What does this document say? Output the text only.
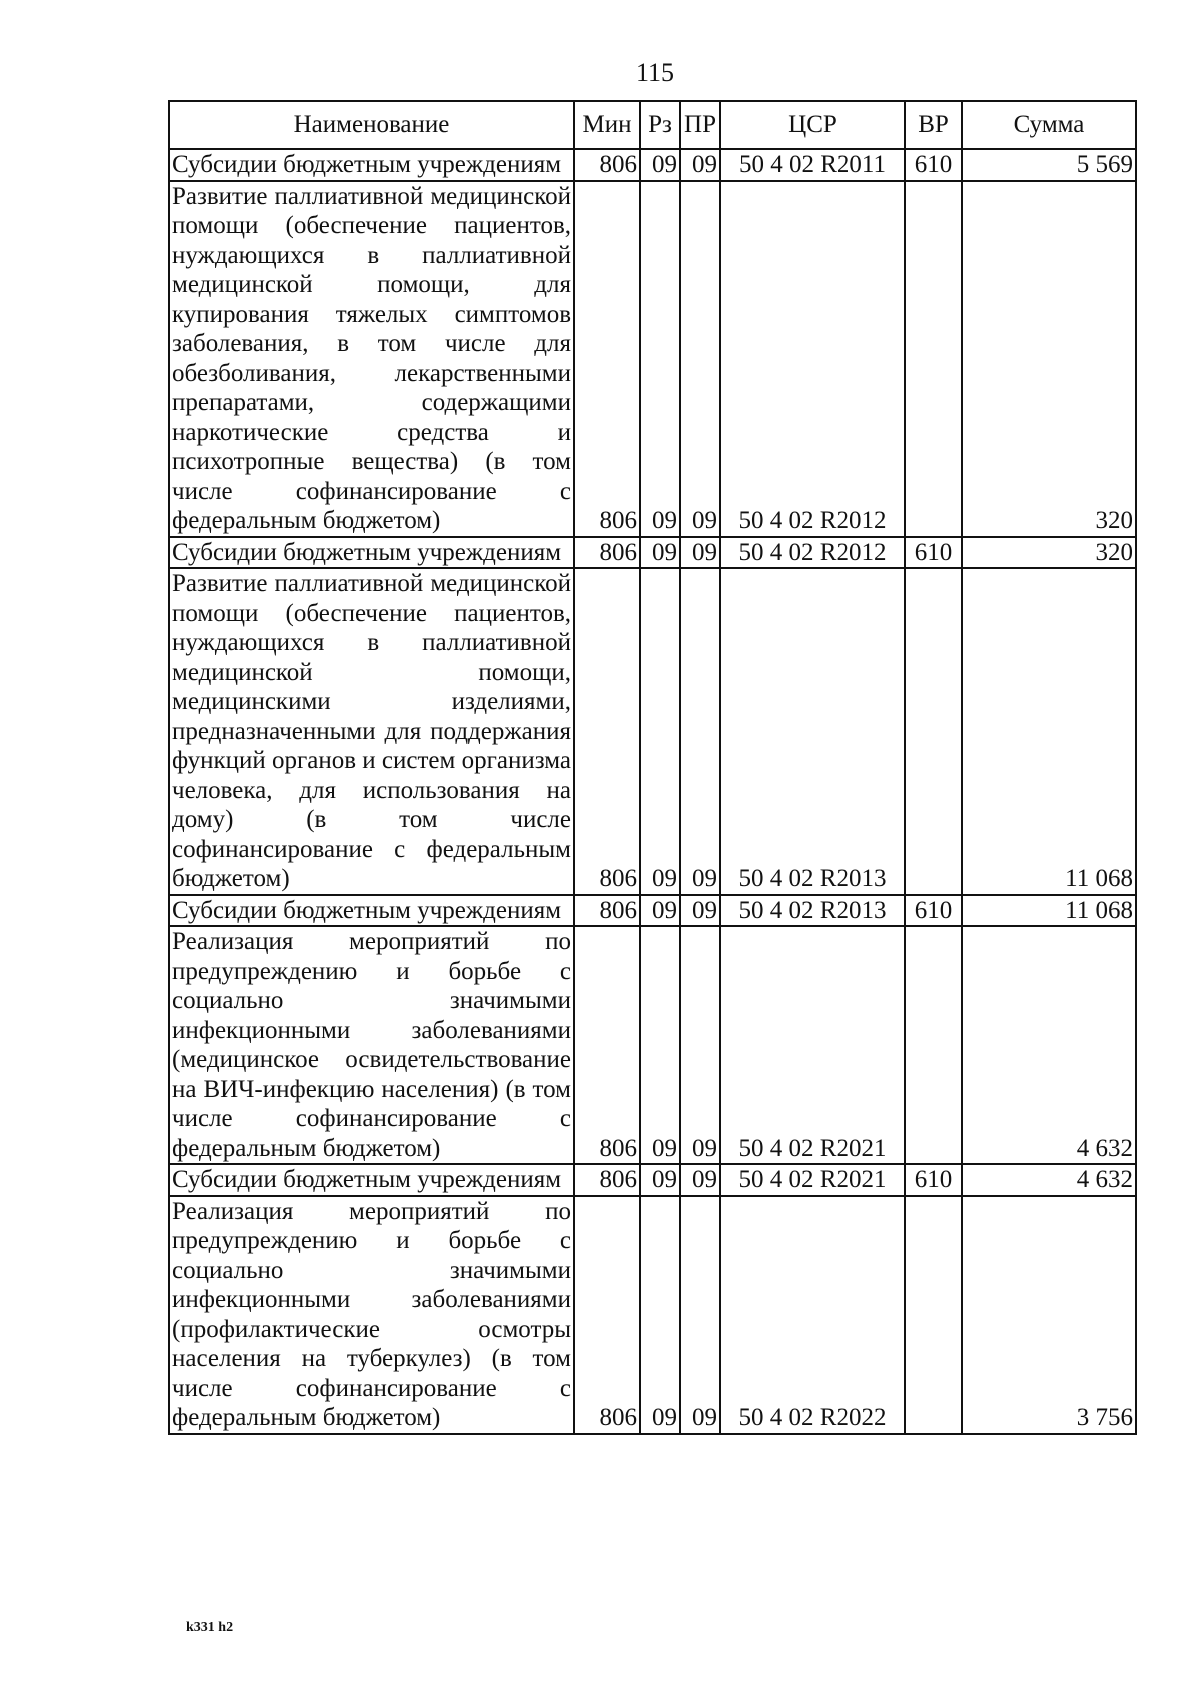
115
Наименование	Мин	Рз	ПР	ЦСР	ВР	Сумма
Субсидии бюджетным учреждениям	806	09	09	50 4 02 R2011	610	5 569
Развитие паллиативной медицинской помощи (обеспечение пациентов, нуждающихся в паллиативной медицинской помощи, для купирования тяжелых симптомов заболевания, в том числе для обезболивания, лекарственными препаратами, содержащими наркотические средства и психотропные вещества) (в том числе софинансирование с федеральным бюджетом)	806	09	09	50 4 02 R2012		320
Субсидии бюджетным учреждениям	806	09	09	50 4 02 R2012	610	320
Развитие паллиативной медицинской помощи (обеспечение пациентов, нуждающихся в паллиативной медицинской помощи, медицинскими изделиями, предназначенными для поддержания функций органов и систем организма человека, для использования на дому) (в том числе софинансирование с федеральным бюджетом)	806	09	09	50 4 02 R2013		11 068
Субсидии бюджетным учреждениям	806	09	09	50 4 02 R2013	610	11 068
Реализация мероприятий по предупреждению и борьбе с социально значимыми инфекционными заболеваниями (медицинское освидетельствование на ВИЧ-инфекцию населения) (в том числе софинансирование с федеральным бюджетом)	806	09	09	50 4 02 R2021		4 632
Субсидии бюджетным учреждениям	806	09	09	50 4 02 R2021	610	4 632
Реализация мероприятий по предупреждению и борьбе с социально значимыми инфекционными заболеваниями (профилактические осмотры населения на туберкулез) (в том числе софинансирование с федеральным бюджетом)	806	09	09	50 4 02 R2022		3 756
k331 h2
